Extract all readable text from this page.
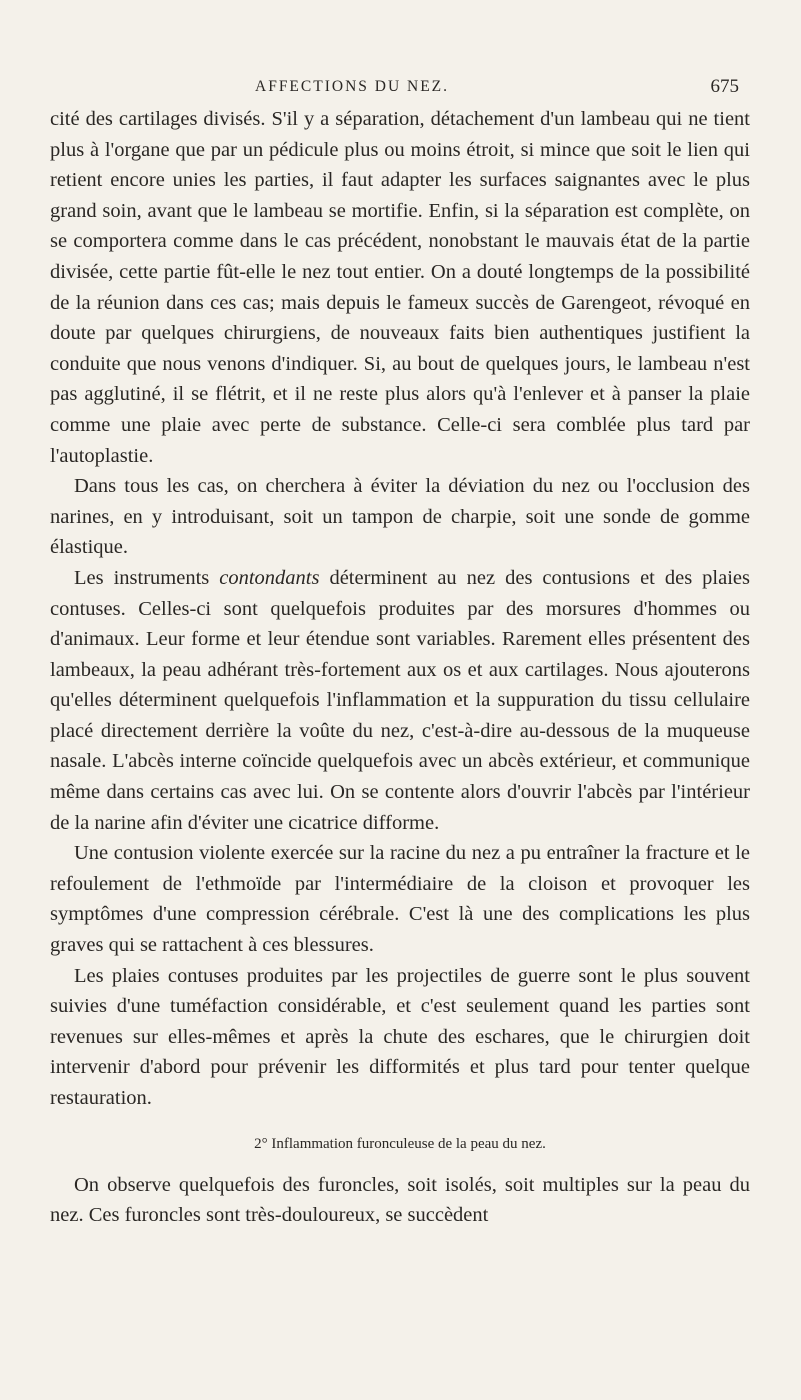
AFFECTIONS DU NEZ.	675

cité des cartilages divisés. S'il y a séparation, détachement d'un lambeau qui ne tient plus à l'organe que par un pédicule plus ou moins étroit, si mince que soit le lien qui retient encore unies les parties, il faut adapter les surfaces saignantes avec le plus grand soin, avant que le lambeau se mortifie. Enfin, si la séparation est complète, on se comportera comme dans le cas précédent, nonobstant le mauvais état de la partie divisée, cette partie fût-elle le nez tout entier. On a douté longtemps de la possibilité de la réunion dans ces cas; mais depuis le fameux succès de Garengeot, révoqué en doute par quelques chirurgiens, de nouveaux faits bien authentiques justifient la conduite que nous venons d'indiquer. Si, au bout de quelques jours, le lambeau n'est pas agglutiné, il se flétrit, et il ne reste plus alors qu'à l'enlever et à panser la plaie comme une plaie avec perte de substance. Celle-ci sera comblée plus tard par l'autoplastie.

Dans tous les cas, on cherchera à éviter la déviation du nez ou l'occlusion des narines, en y introduisant, soit un tampon de charpie, soit une sonde de gomme élastique.

Les instruments contondants déterminent au nez des contusions et des plaies contuses. Celles-ci sont quelquefois produites par des morsures d'hommes ou d'animaux. Leur forme et leur étendue sont variables. Rarement elles présentent des lambeaux, la peau adhérant très-fortement aux os et aux cartilages. Nous ajouterons qu'elles déterminent quelquefois l'inflammation et la suppuration du tissu cellulaire placé directement derrière la voûte du nez, c'est-à-dire au-dessous de la muqueuse nasale. L'abcès interne coïncide quelquefois avec un abcès extérieur, et communique même dans certains cas avec lui. On se contente alors d'ouvrir l'abcès par l'intérieur de la narine afin d'éviter une cicatrice difforme.

Une contusion violente exercée sur la racine du nez a pu entraîner la fracture et le refoulement de l'ethmoïde par l'intermédiaire de la cloison et provoquer les symptômes d'une compression cérébrale. C'est là une des complications les plus graves qui se rattachent à ces blessures.

Les plaies contuses produites par les projectiles de guerre sont le plus souvent suivies d'une tuméfaction considérable, et c'est seulement quand les parties sont revenues sur elles-mêmes et après la chute des eschares, que le chirurgien doit intervenir d'abord pour prévenir les difformités et plus tard pour tenter quelque restauration.

2° Inflammation furonculeuse de la peau du nez.

On observe quelquefois des furoncles, soit isolés, soit multiples sur la peau du nez. Ces furoncles sont très-douloureux, se succèdent
